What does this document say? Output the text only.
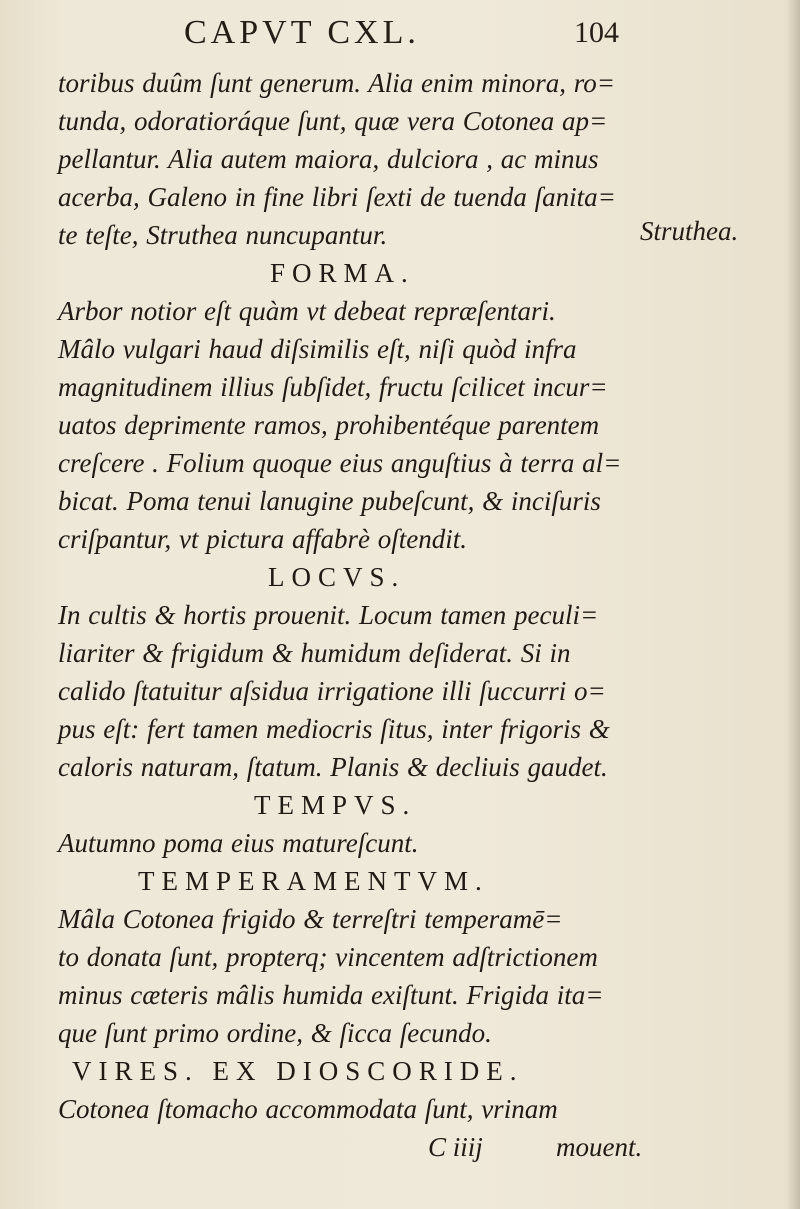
CAPVT CXL.	104
toribus duûm ſunt generum. Alia enim minora, ro=
tunda, odoratioráque ſunt, quæ vera Cotonea ap=
pellantur. Alia autem maiora, dulciora , ac minus
acerba, Galeno in fine libri ſexti de tuenda ſanita=
te teſte, Struthea nuncupantur.
FORMA.
Arbor notior eſt quàm vt debeat repræſentari.
Mâlo vulgari haud diſsimilis eſt, niſi quòd infra
magnitudinem illius ſubſidet, fructu ſcilicet incur=
uatos deprimente ramos, prohibentéque parentem
creſcere . Folium quoque eius anguſtius à terra al=
bicat. Poma tenui lanugine pubeſcunt, & inciſuris
criſpantur, vt pictura affabrè oſtendit.
LOCVS.
In cultis & hortis prouenit. Locum tamen peculi=
liariter & frigidum & humidum deſiderat. Si in
calido ſtatuitur aſsidua irrigatione illi ſuccurri o=
pus eſt: fert tamen mediocris ſitus, inter frigoris &
caloris naturam, ſtatum. Planis & decliuis gaudet.
TEMPVS.
Autumno poma eius matureſcunt.
TEMPERAMENTVM.
Mâla Cotonea frigido & terreſtri temperamē=
to donata ſunt, propterq; vincentem adſtrictionem
minus cæteris mâlis humida exiſtunt. Frigida ita=
que ſunt primo ordine, & ſicca ſecundo.
VIRES. EX DIOSCORIDE.
Cotonea ſtomacho accommodata ſunt, vrinam
C iiij	mouent.
Struthea.
